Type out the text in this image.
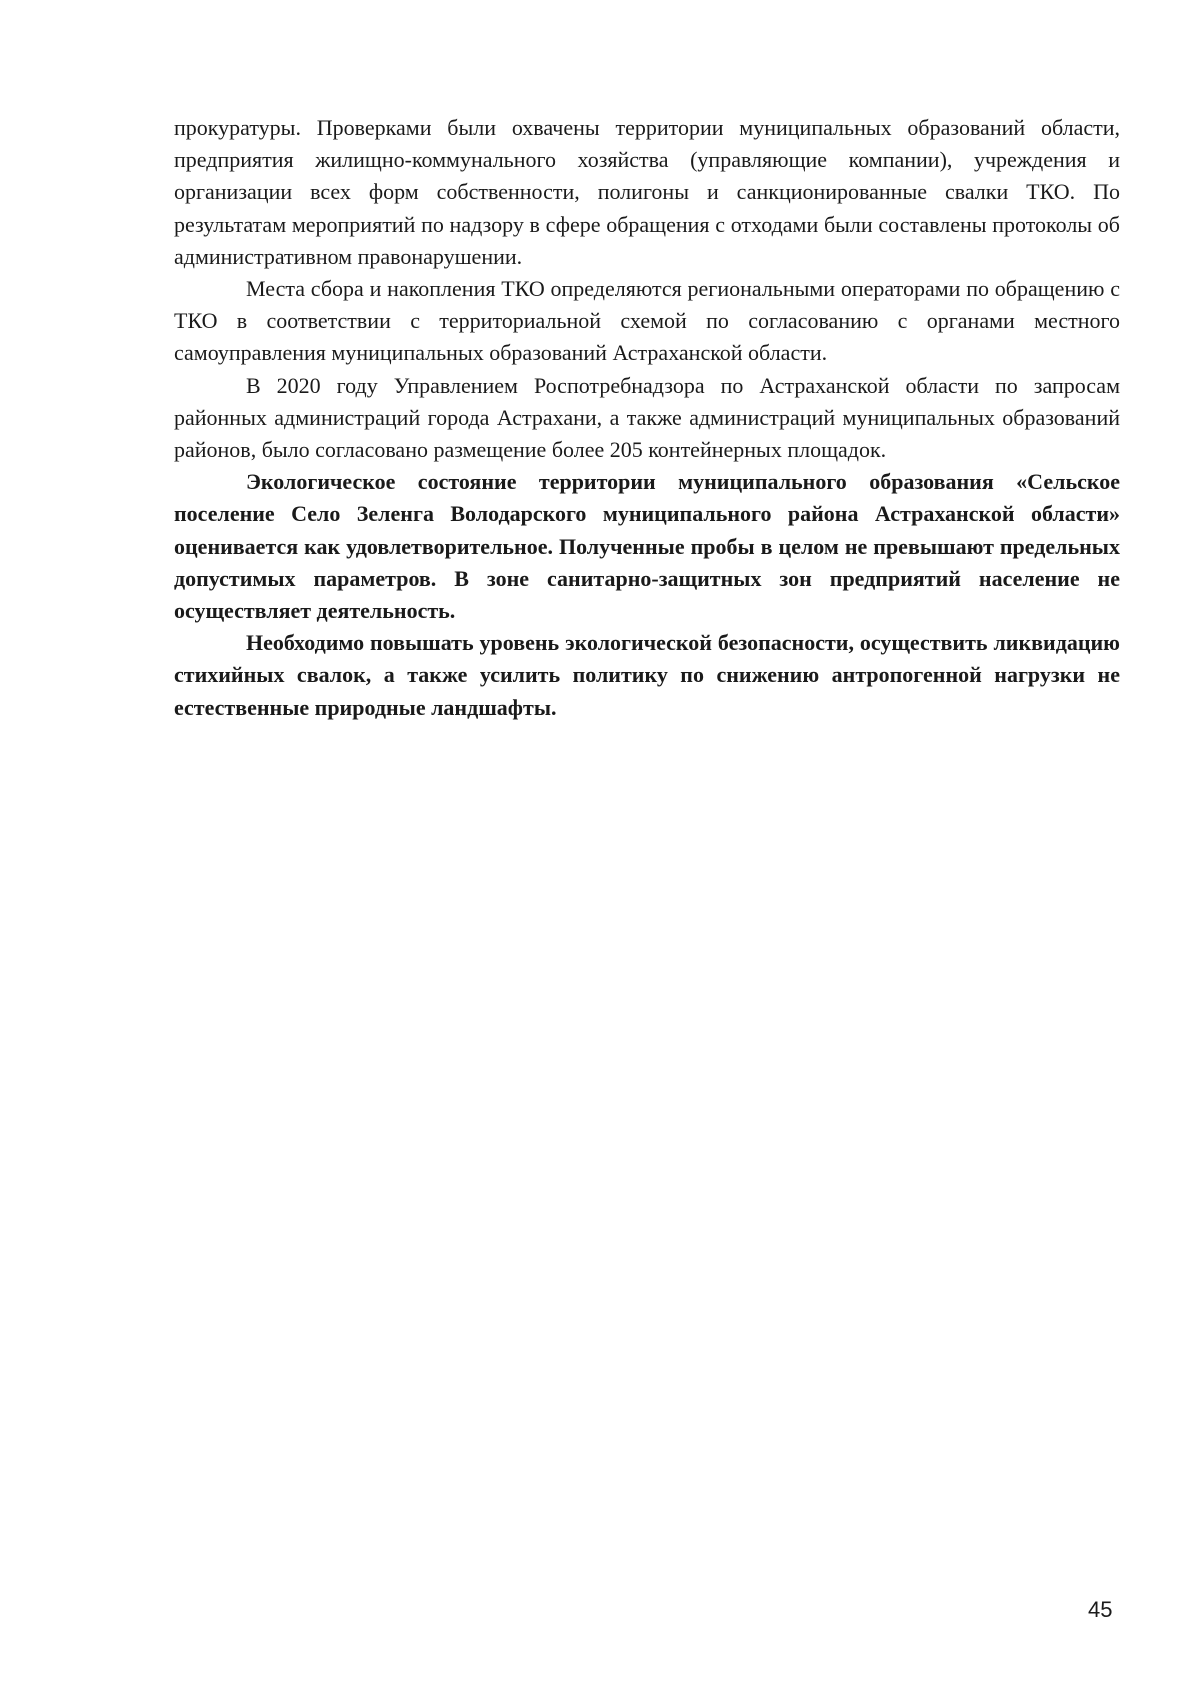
прокуратуры. Проверками были охвачены территории муниципальных образований области, предприятия жилищно-коммунального хозяйства (управляющие компании), учреждения и организации всех форм собственности, полигоны и санкционированные свалки ТКО. По результатам мероприятий по надзору в сфере обращения с отходами были составлены протоколы об административном правонарушении.

Места сбора и накопления ТКО определяются региональными операторами по обращению с ТКО в соответствии с территориальной схемой по согласованию с органами местного самоуправления муниципальных образований Астраханской области.

В 2020 году Управлением Роспотребнадзора по Астраханской области по запросам районных администраций города Астрахани, а также администраций муниципальных образований районов, было согласовано размещение более 205 контейнерных площадок.

Экологическое состояние территории муниципального образования «Сельское поселение Село Зеленга Володарского муниципального района Астраханской области» оценивается как удовлетворительное. Полученные пробы в целом не превышают предельных допустимых параметров. В зоне санитарно-защитных зон предприятий население не осуществляет деятельность.

Необходимо повышать уровень экологической безопасности, осуществить ликвидацию стихийных свалок, а также усилить политику по снижению антропогенной нагрузки не естественные природные ландшафты.

45
